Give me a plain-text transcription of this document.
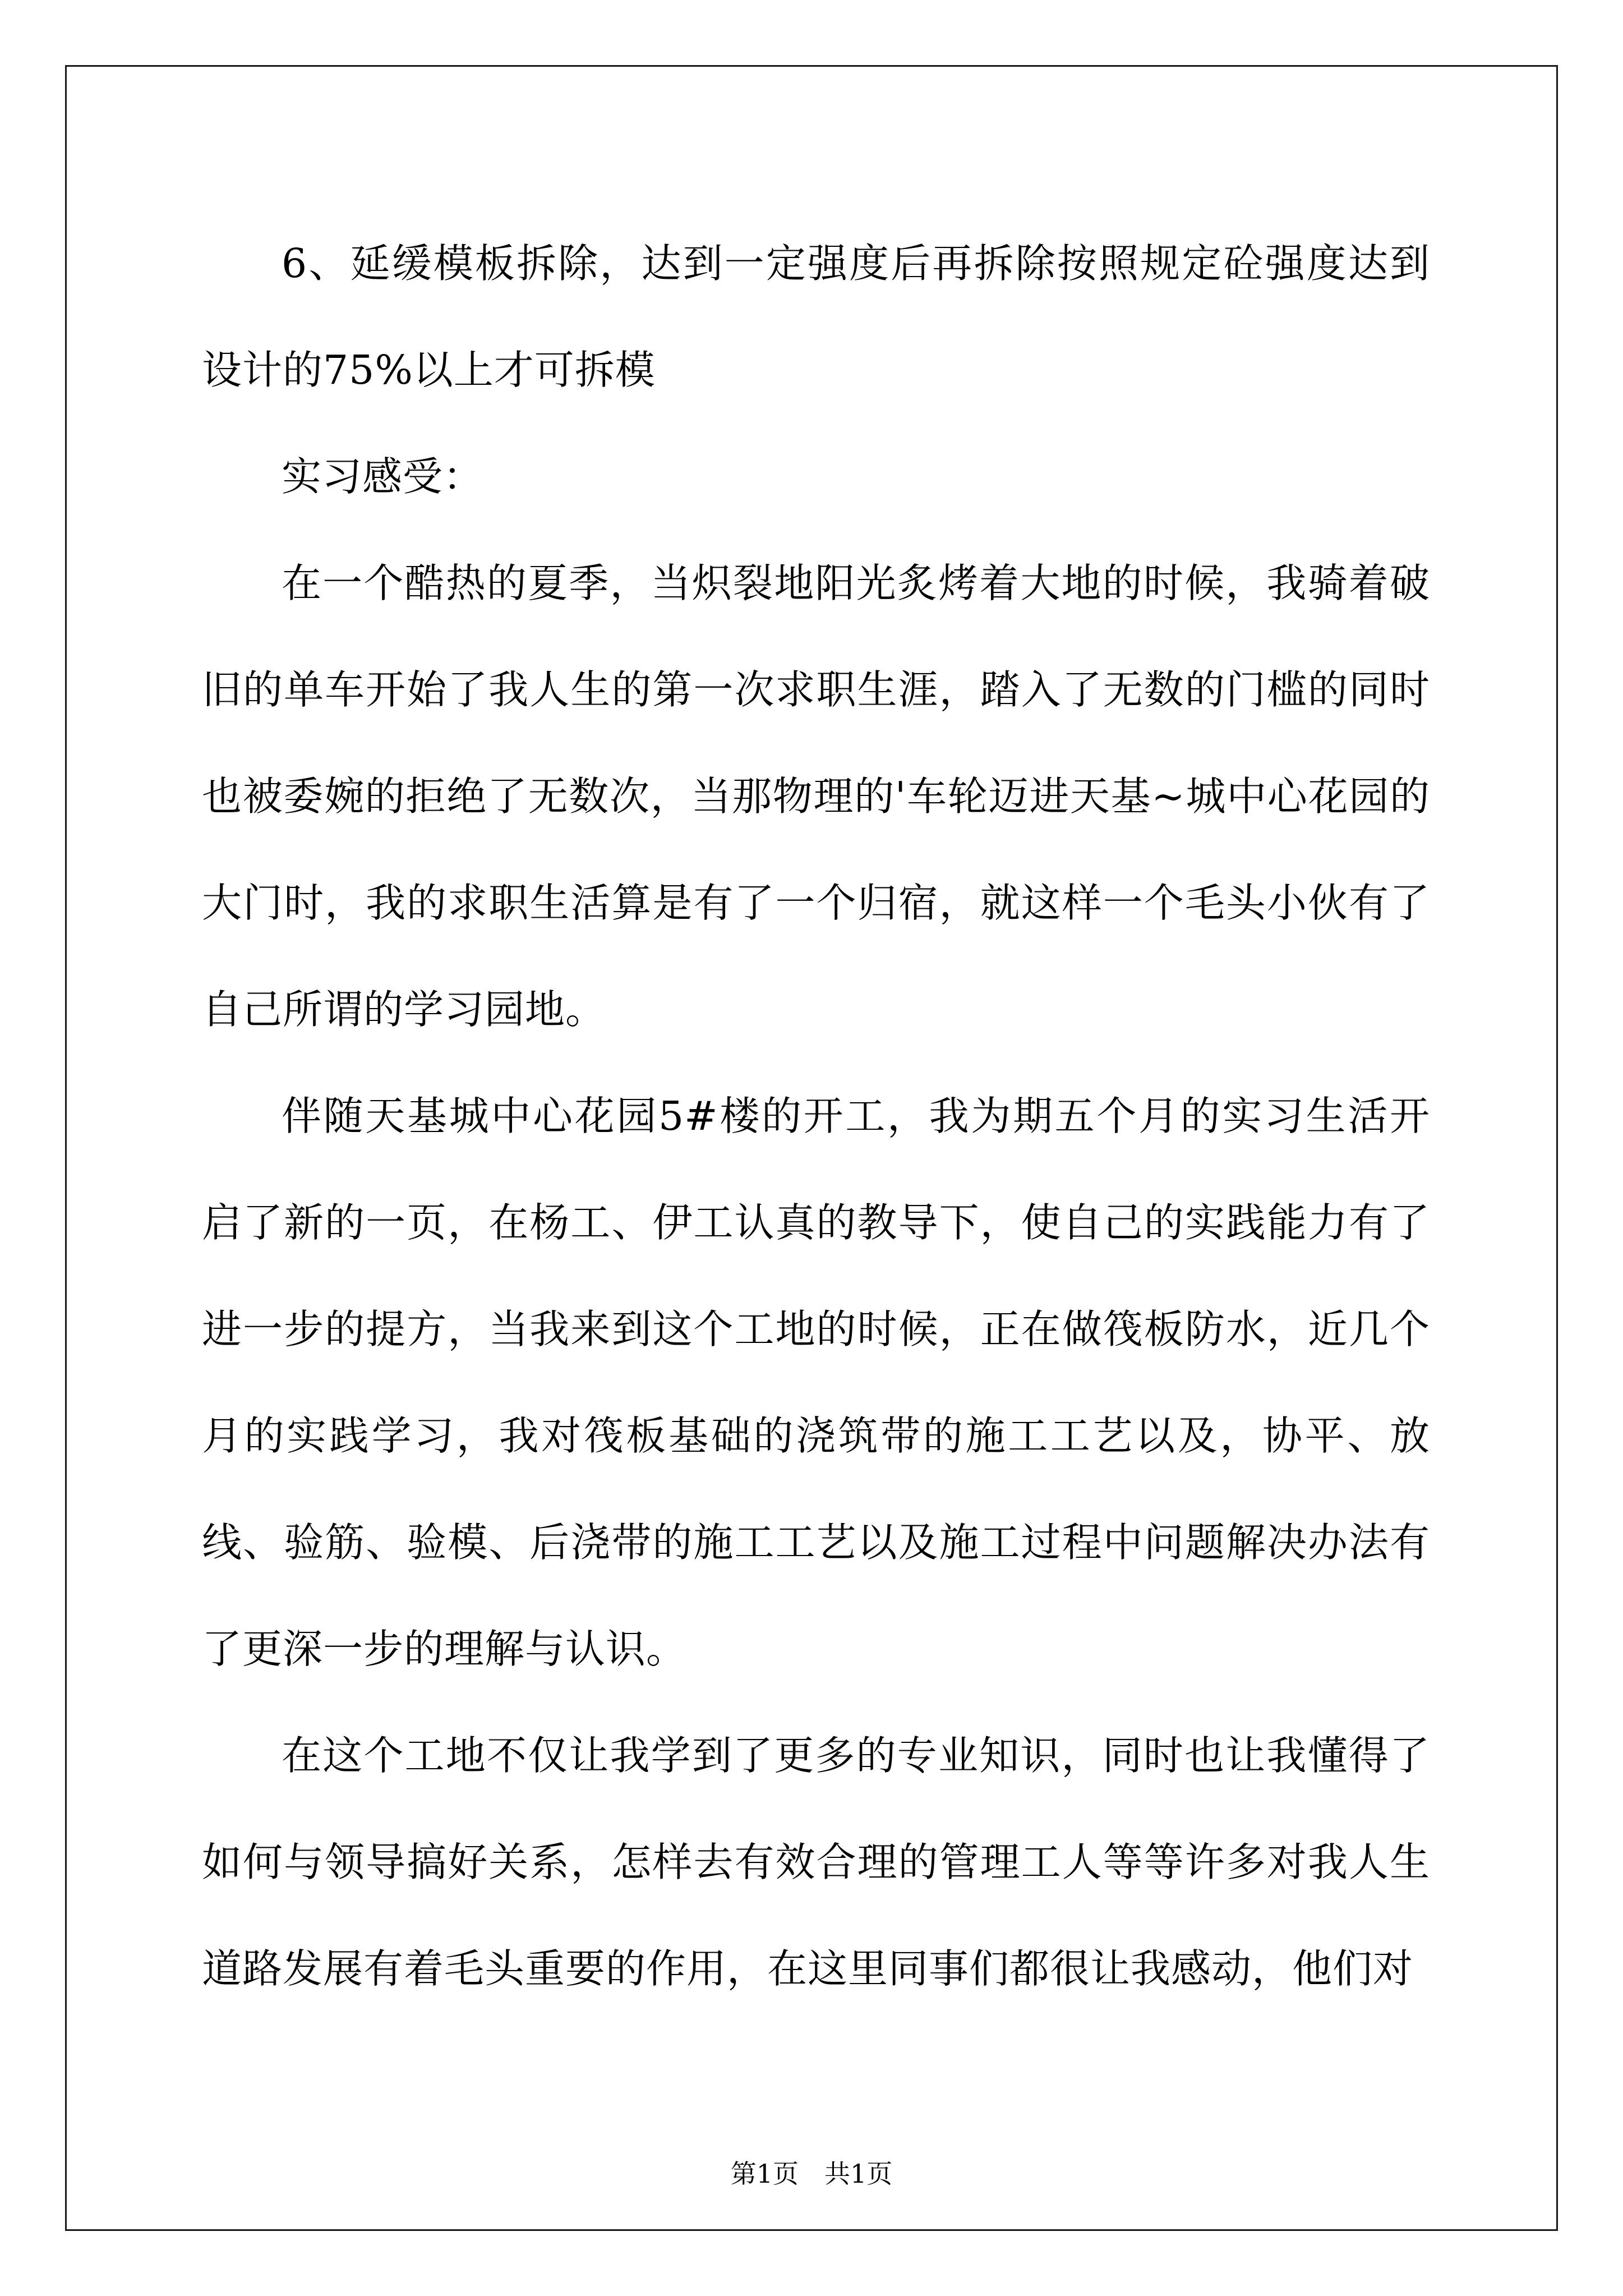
6、延缓模板拆除，达到一定强度后再拆除按照规定砼强度达到设计的75%以上才可拆模

实习感受：

在一个酷热的夏季，当炽裂地阳光炙烤着大地的时候，我骑着破旧的单车开始了我人生的第一次求职生涯，踏入了无数的门槛的同时也被委婉的拒绝了无数次，当那物理的'车轮迈进天基~城中心花园的大门时，我的求职生活算是有了一个归宿，就这样一个毛头小伙有了自己所谓的学习园地。

伴随天基城中心花园5#楼的开工，我为期五个月的实习生活开启了新的一页，在杨工、伊工认真的教导下，使自己的实践能力有了进一步的提方，当我来到这个工地的时候，正在做筏板防水，近几个月的实践学习，我对筏板基础的浇筑带的施工工艺以及，协平、放线、验筋、验模、后浇带的施工工艺以及施工过程中问题解决办法有了更深一步的理解与认识。

在这个工地不仅让我学到了更多的专业知识，同时也让我懂得了如何与领导搞好关系，怎样去有效合理的管理工人等等许多对我人生道路发展有着毛头重要的作用，在这里同事们都很让我感动，他们对

第1页　共1页
